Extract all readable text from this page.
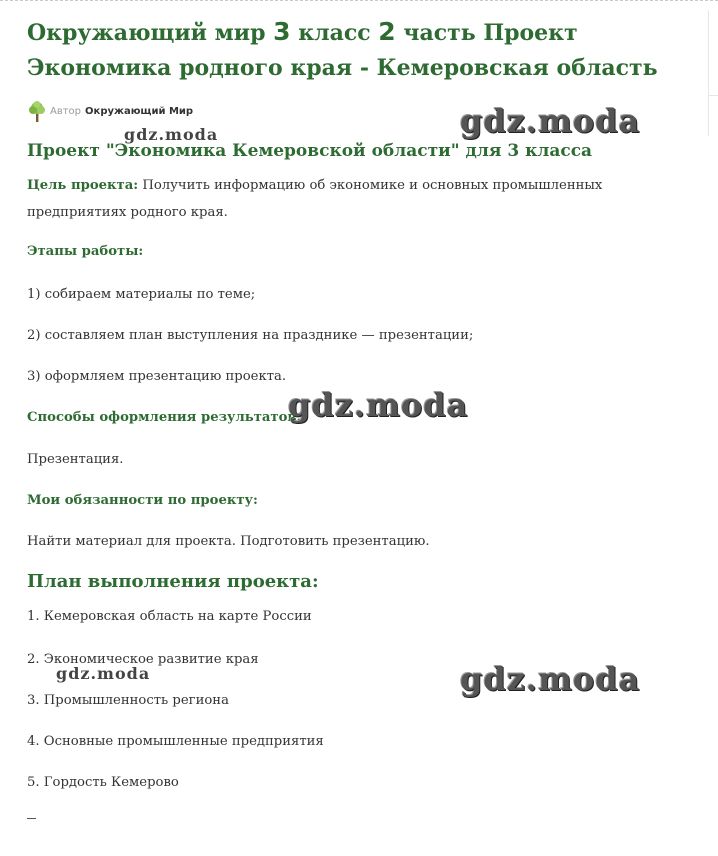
Окружающий мир 3 класс 2 часть Проект Экономика родного края - Кемеровская область
Автор Окружающий Мир
Проект "Экономика Кемеровской области" для 3 класса

Цель проекта: Получить информацию об экономике и основных промышленных предприятиях родного края.

Этапы работы:

1) собираем материалы по теме;

2) составляем план выступления на празднике — презентации;

3) оформляем презентацию проекта.

Способы оформления результатов:

Презентация.

Мои обязанности по проекту:

Найти материал для проекта. Подготовить презентацию.

План выполнения проекта:

1. Кемеровская область на карте России

2. Экономическое развитие края

3. Промышленность региона

4. Основные промышленные предприятия

5. Гордость Кемерово

gdz.moda
gdz.moda
gdz.moda
gdz.moda
gdz.moda
